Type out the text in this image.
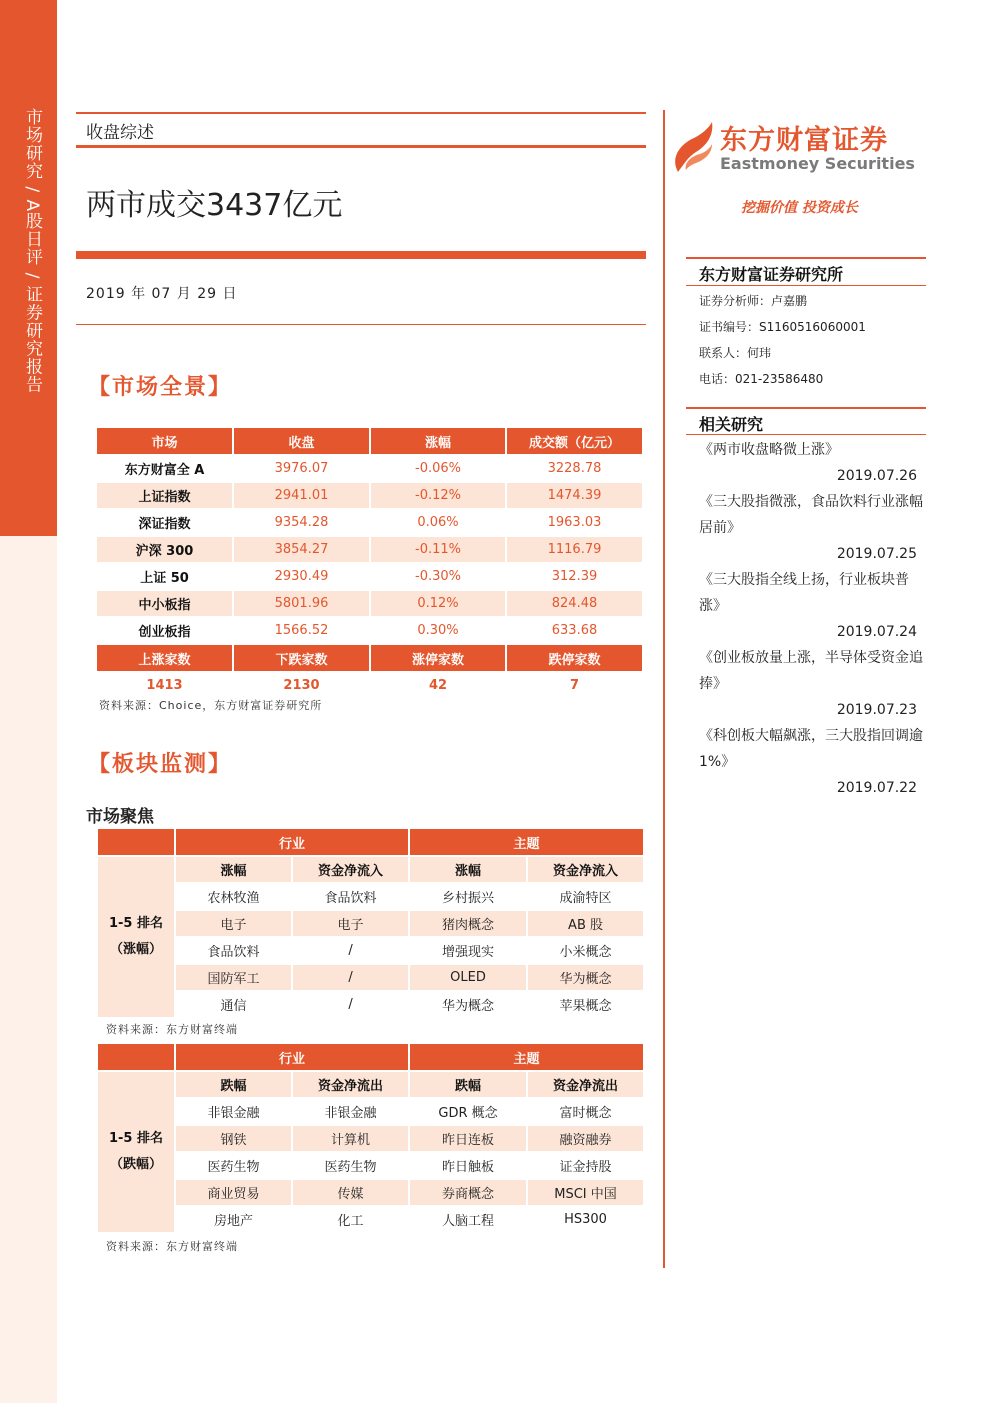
市场研究 / A股日评 / 证券研究报告	收盘综述
两市成交3437亿元
2019 年 07 月 29 日
【市场全景】
市场	收盘	涨幅	成交额（亿元）
东方财富全 A	3976.07	-0.06%	3228.78
上证指数	2941.01	-0.12%	1474.39
深证指数	9354.28	0.06%	1963.03
沪深 300	3854.27	-0.11%	1116.79
上证 50	2930.49	-0.30%	312.39
中小板指	5801.96	0.12%	824.48
创业板指	1566.52	0.30%	633.68
上涨家数	下跌家数	涨停家数	跌停家数
1413	2130	42	7
资料来源：Choice，东方财富证券研究所
【板块监测】
市场聚焦
	行业		主题	

1-5 排名
（涨幅）	涨幅	资金净流入	涨幅	资金净流入
	农林牧渔	食品饮料	乡村振兴	成渝特区
	电子	电子	猪肉概念	AB 股
	食品饮料	/	增强现实	小米概念
	国防军工	/	OLED	华为概念
	通信	/	华为概念	苹果概念
资料来源：东方财富终端
	行业		主题	

1-5 排名
（跌幅）	跌幅	资金净流出	跌幅	资金净流出
	非银金融	非银金融	GDR 概念	富时概念
	钢铁	计算机	昨日连板	融资融券
	医药生物	医药生物	昨日触板	证金持股
	商业贸易	传媒	券商概念	MSCI 中国
	房地产	化工	人脑工程	HS300
资料来源：东方财富终端
东方财富证券
Eastmoney Securities
挖掘价值 投资成长
东方财富证券研究所
证券分析师：卢嘉鹏
证书编号：S1160516060001
联系人：何玮
电话：021-23586480
相关研究
《两市收盘略微上涨》
2019.07.26
《三大股指微涨，食品饮料行业涨幅居前》
2019.07.25
《三大股指全线上扬，行业板块普涨》
2019.07.24
《创业板放量上涨，半导体受资金追捧》
2019.07.23
《科创板大幅飙涨，三大股指回调逾 1%》
2019.07.22
